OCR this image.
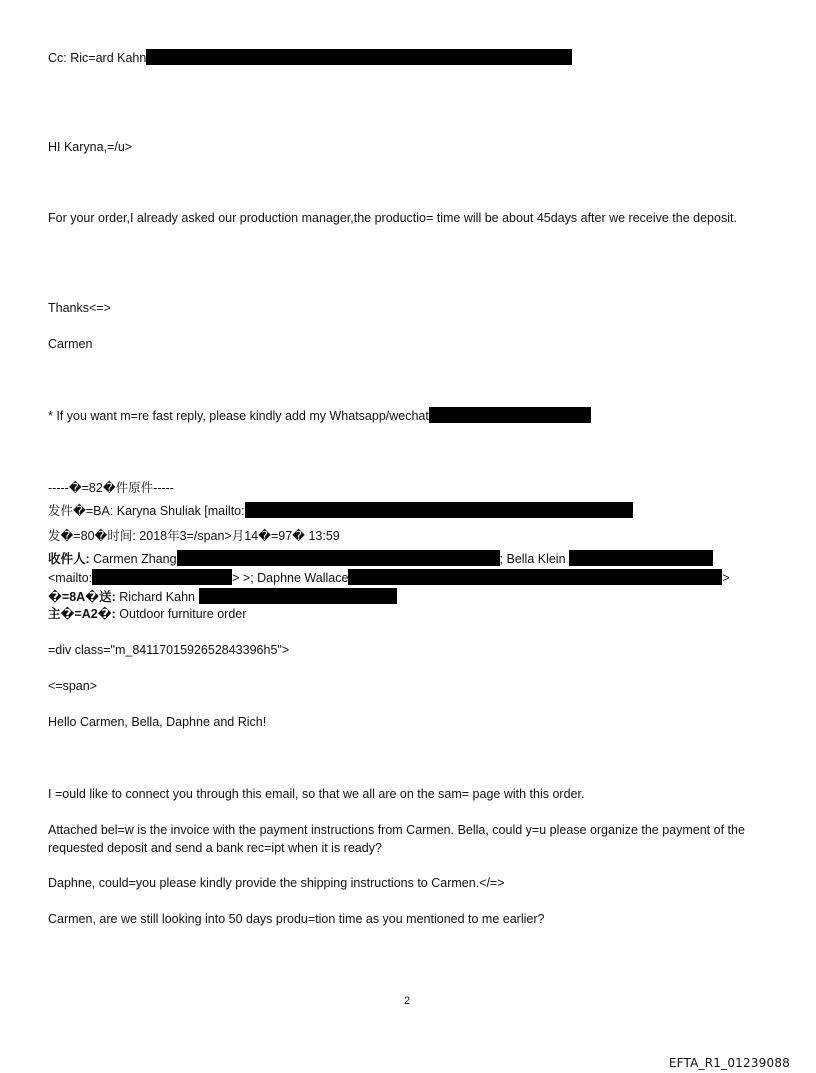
Cc: Ric=ard Kahn
HI Karyna,=/u>
For your order,I already asked our production manager,the productio= time will be about 45days after we receive the deposit.
Thanks<=>
Carmen
* If you want m=re fast reply, please kindly add my Whatsapp/wechat
-----�=82�件原件-----
发件�=BA: Karyna Shuliak [mailto:
发�=80�时间: 2018年3=/span>月14�=97� 13:59
收件人: Carmen Zhang	; Bella Klein
<mailto:	> >; Daphne Wallace	>
�=8A�送: Richard Kahn
主�=A2�: Outdoor furniture order
=div class="m_8411701592652843396h5">
<=span>
Hello Carmen, Bella, Daphne and Rich!
I =ould like to connect you through this email, so that we all are on the sam= page with this order.
Attached bel=w is the invoice with the payment instructions from Carmen. Bella, could y=u please organize the payment of the requested deposit and send a bank rec=ipt when it is ready?
Daphne, could=you please kindly provide the shipping instructions to Carmen.</=>
Carmen, are we still looking into 50 days produ=tion time as you mentioned to me earlier?
2
EFTA_R1_01239088
